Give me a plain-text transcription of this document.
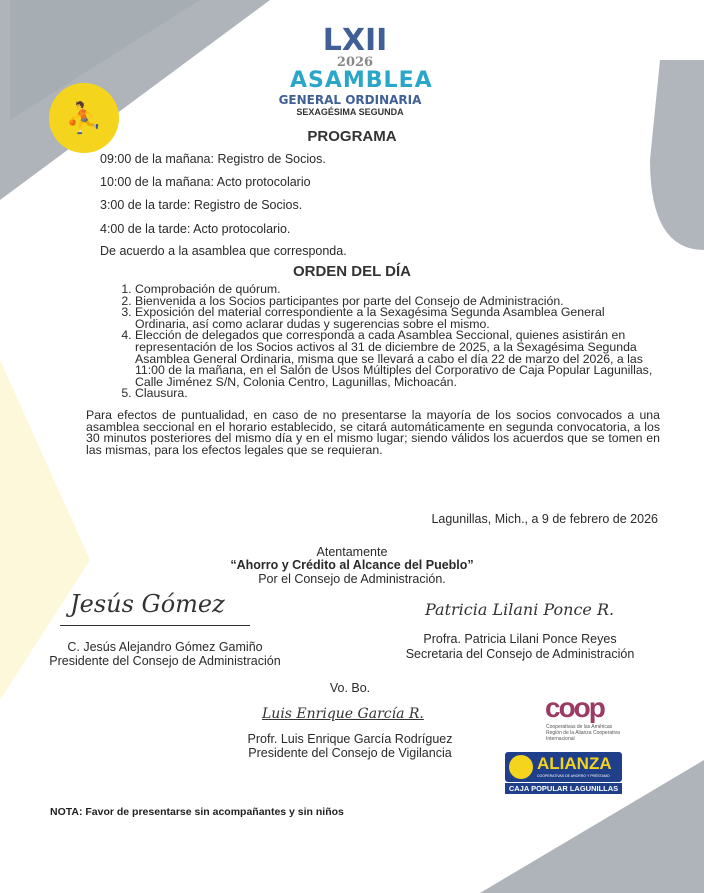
⛹
LXII
2026
ASAMBLEA
GENERAL ORDINARIA
SEXAGÉSIMA SEGUNDA
PROGRAMA
09:00 de la mañana: Registro de Socios.
10:00 de la mañana: Acto protocolario
3:00 de la tarde: Registro de Socios.
4:00 de la tarde: Acto protocolario.
De acuerdo a la asamblea que corresponda.
ORDEN DEL DÍA
1. Comprobación de quórum.
2. Bienvenida a los Socios participantes por parte del Consejo de Administración.
3. Exposición del material correspondiente a la Sexagésima Segunda Asamblea General Ordinaria, así como aclarar dudas y sugerencias sobre el mismo.
4. Elección de delegados que corresponda a cada Asamblea Seccional, quienes asistirán en representación de los Socios activos al 31 de diciembre de 2025, a la Sexagésima Segunda Asamblea General Ordinaria, misma que se llevará a cabo el día 22 de marzo del 2026, a las 11:00 de la mañana, en el Salón de Usos Múltiples del Corporativo de Caja Popular Lagunillas, Calle Jiménez S/N, Colonia Centro, Lagunillas, Michoacán.
5. Clausura.
Para efectos de puntualidad, en caso de no presentarse la mayoría de los socios convocados a una asamblea seccional en el horario establecido, se citará automáticamente en segunda convocatoria, a los 30 minutos posteriores del mismo día y en el mismo lugar; siendo válidos los acuerdos que se tomen en las mismas, para los efectos legales que se requieran.
Lagunillas, Mich., a 9 de febrero de 2026
Atentamente
“Ahorro y Crédito al Alcance del Pueblo”
Por el Consejo de Administración.
Jesús Gómez
C. Jesús Alejandro Gómez Gamiño
Presidente del Consejo de Administración
Patricia Lilani Ponce R.
Profra. Patricia Lilani Ponce Reyes
Secretaria del Consejo de Administración
Vo. Bo.
Luis Enrique García R.
Profr. Luis Enrique García Rodríguez
Presidente del Consejo de Vigilancia
coop
Cooperativas de las Américas Región de la Alianza Cooperativa Internacional
ALIANZA
COOPERATIVAS DE AHORRO Y PRÉSTAMO
CAJA POPULAR LAGUNILLAS
NOTA: Favor de presentarse sin acompañantes y sin niños
